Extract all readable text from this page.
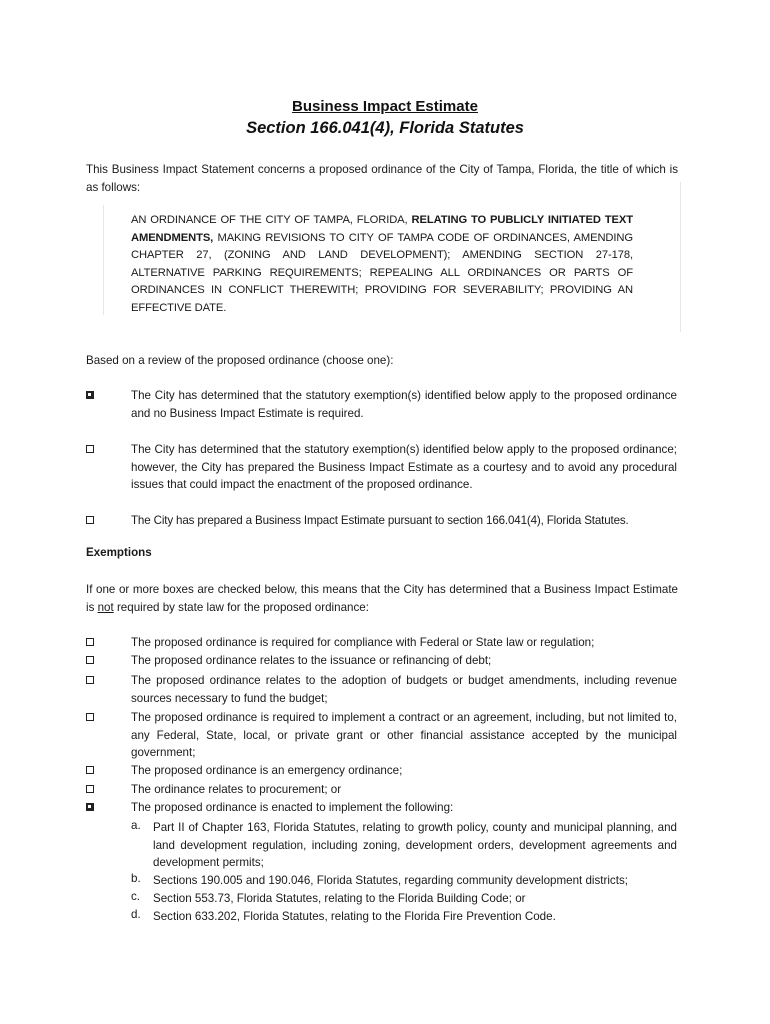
Business Impact Estimate
Section 166.041(4), Florida Statutes
This Business Impact Statement concerns a proposed ordinance of the City of Tampa, Florida, the title of which is as follows:
AN ORDINANCE OF THE CITY OF TAMPA, FLORIDA, RELATING TO PUBLICLY INITIATED TEXT AMENDMENTS, MAKING REVISIONS TO CITY OF TAMPA CODE OF ORDINANCES, AMENDING CHAPTER 27, (ZONING AND LAND DEVELOPMENT); AMENDING SECTION 27-178, ALTERNATIVE PARKING REQUIREMENTS; REPEALING ALL ORDINANCES OR PARTS OF ORDINANCES IN CONFLICT THEREWITH; PROVIDING FOR SEVERABILITY; PROVIDING AN EFFECTIVE DATE.
Based on a review of the proposed ordinance (choose one):
The City has determined that the statutory exemption(s) identified below apply to the proposed ordinance and no Business Impact Estimate is required.
The City has determined that the statutory exemption(s) identified below apply to the proposed ordinance; however, the City has prepared the Business Impact Estimate as a courtesy and to avoid any procedural issues that could impact the enactment of the proposed ordinance.
The City has prepared a Business Impact Estimate pursuant to section 166.041(4), Florida Statutes.
Exemptions
If one or more boxes are checked below, this means that the City has determined that a Business Impact Estimate is not required by state law for the proposed ordinance:
The proposed ordinance is required for compliance with Federal or State law or regulation;
The proposed ordinance relates to the issuance or refinancing of debt;
The proposed ordinance relates to the adoption of budgets or budget amendments, including revenue sources necessary to fund the budget;
The proposed ordinance is required to implement a contract or an agreement, including, but not limited to, any Federal, State, local, or private grant or other financial assistance accepted by the municipal government;
The proposed ordinance is an emergency ordinance;
The ordinance relates to procurement; or
The proposed ordinance is enacted to implement the following:
a. Part II of Chapter 163, Florida Statutes, relating to growth policy, county and municipal planning, and land development regulation, including zoning, development orders, development agreements and development permits;
b. Sections 190.005 and 190.046, Florida Statutes, regarding community development districts;
c. Section 553.73, Florida Statutes, relating to the Florida Building Code; or
d. Section 633.202, Florida Statutes, relating to the Florida Fire Prevention Code.
